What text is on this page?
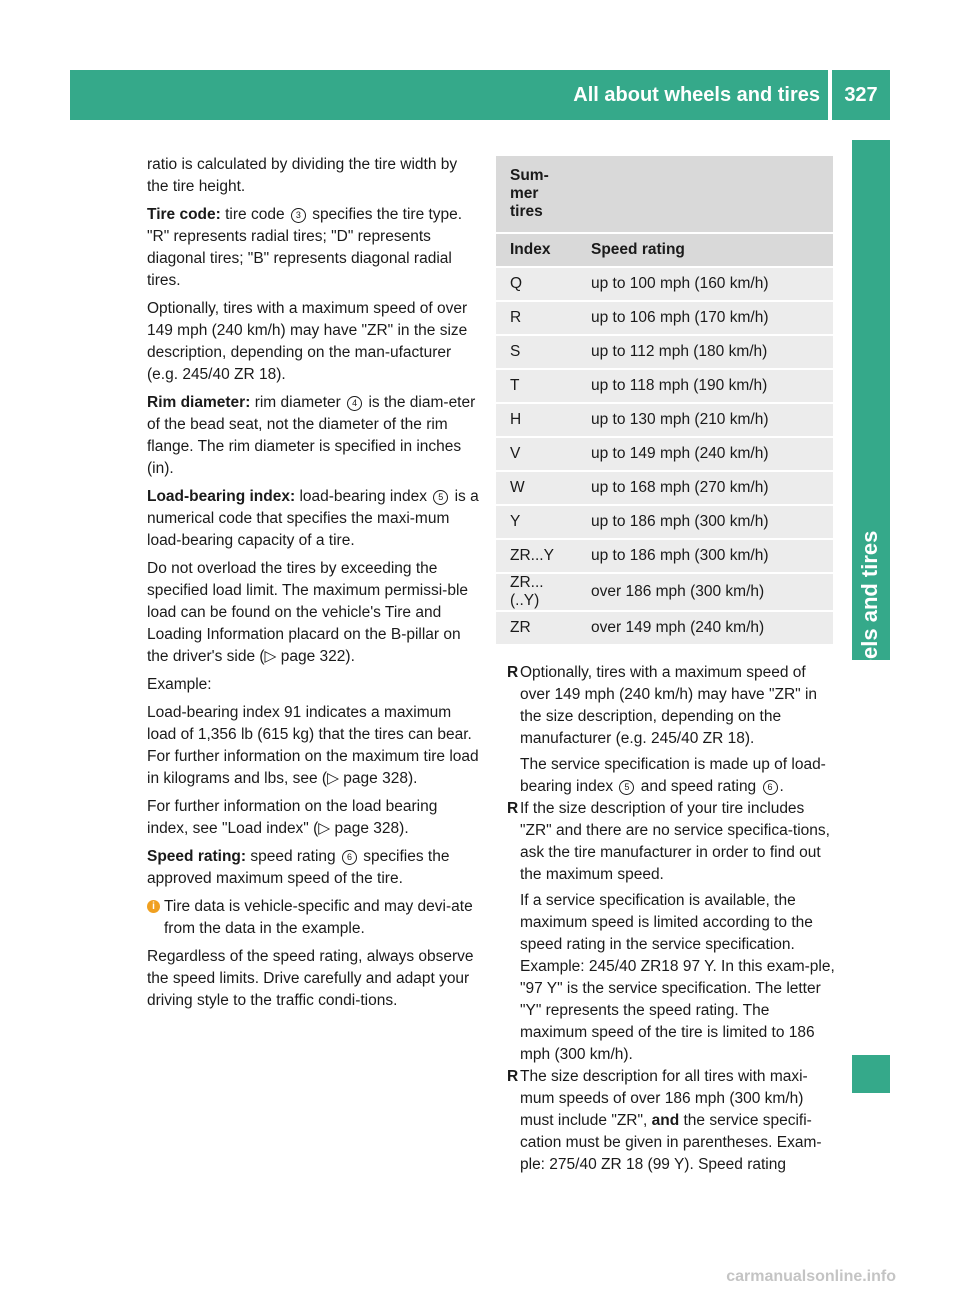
All about wheels and tires	327
Wheels and tires

ratio is calculated by dividing the tire width by the tire height.

Tire code: tire code 3 specifies the tire type. "R" represents radial tires; "D" represents diagonal tires; "B" represents diagonal radial tires.

Optionally, tires with a maximum speed of over 149 mph (240 km/h) may have "ZR" in the size description, depending on the man-ufacturer (e.g. 245/40 ZR 18).

Rim diameter: rim diameter 4 is the diam-eter of the bead seat, not the diameter of the rim flange. The rim diameter is specified in inches (in).

Load-bearing index: load-bearing index 5 is a numerical code that specifies the maxi-mum load-bearing capacity of a tire.

Do not overload the tires by exceeding the specified load limit. The maximum permissi-ble load can be found on the vehicle's Tire and Loading Information placard on the B-pillar on the driver's side (▷ page 322).

Example:

Load-bearing index 91 indicates a maximum load of 1,356 lb (615 kg) that the tires can bear. For further information on the maximum tire load in kilograms and lbs, see (▷ page 328).

For further information on the load bearing index, see "Load index" (▷ page 328).

Speed rating: speed rating 6 specifies the approved maximum speed of the tire.

i Tire data is vehicle-specific and may devi-ate from the data in the example.

Regardless of the speed rating, always observe the speed limits. Drive carefully and adapt your driving style to the traffic condi-tions.

Sum-
mer
tires	
Index	Speed rating
Q	up to 100 mph (160 km/h)
R	up to 106 mph (170 km/h)
S	up to 112 mph (180 km/h)
T	up to 118 mph (190 km/h)
H	up to 130 mph (210 km/h)
V	up to 149 mph (240 km/h)
W	up to 168 mph (270 km/h)
Y	up to 186 mph (300 km/h)
ZR...Y	up to 186 mph (300 km/h)
ZR...(..Y)	over 186 mph (300 km/h)
ZR	over 149 mph (240 km/h)
R Optionally, tires with a maximum speed of over 149 mph (240 km/h) may have "ZR" in the size description, depending on the manufacturer (e.g. 245/40 ZR 18).

The service specification is made up of load-bearing index 5 and speed rating 6 .

R If the size description of your tire includes "ZR" and there are no service specifica-tions, ask the tire manufacturer in order to find out the maximum speed.

If a service specification is available, the maximum speed is limited according to the speed rating in the service specification. Example: 245/40 ZR18 97 Y. In this exam-ple, "97 Y" is the service specification. The letter "Y" represents the speed rating. The maximum speed of the tire is limited to 186 mph (300 km/h).

R The size description for all tires with maxi-mum speeds of over 186 mph (300 km/h) must include "ZR", and the service specifi-cation must be given in parentheses. Exam-ple: 275/40 ZR 18 (99 Y). Speed rating

carmanualsonline.info
